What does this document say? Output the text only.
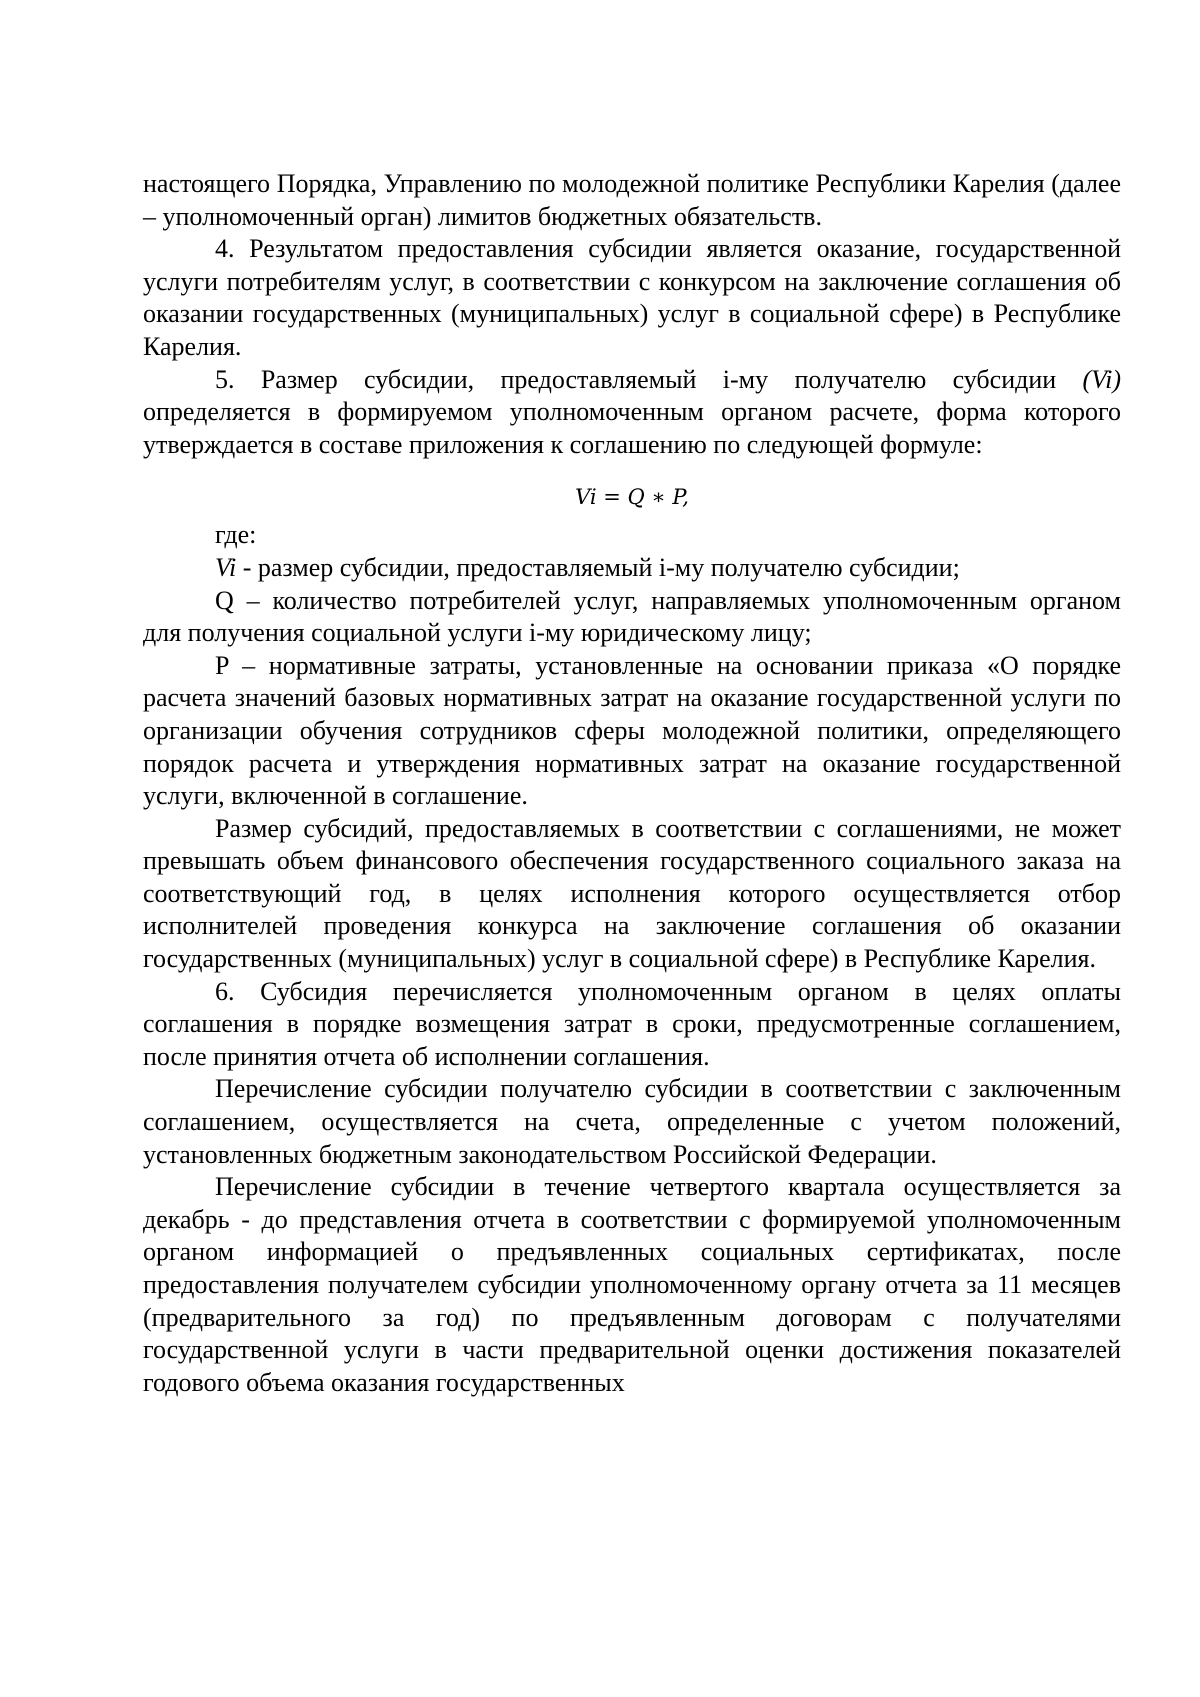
настоящего Порядка, Управлению по молодежной политике Республики Карелия (далее – уполномоченный орган) лимитов бюджетных обязательств.

4. Результатом предоставления субсидии является оказание, государственной услуги потребителям услуг, в соответствии с конкурсом на заключение соглашения об оказании государственных (муниципальных) услуг в социальной сфере) в Республике Карелия.

5. Размер субсидии, предоставляемый i-му получателю субсидии (Vi) определяется в формируемом уполномоченным органом расчете, форма которого утверждается в составе приложения к соглашению по следующей формуле:

Vi = Q ∗ P,

где:

Vi - размер субсидии, предоставляемый i-му получателю субсидии;

Q – количество потребителей услуг, направляемых уполномоченным органом для получения социальной услуги i-му юридическому лицу;

P – нормативные затраты, установленные на основании приказа «О порядке расчета значений базовых нормативных затрат на оказание государственной услуги по организации обучения сотрудников сферы молодежной политики, определяющего порядок расчета и утверждения нормативных затрат на оказание государственной услуги, включенной в соглашение.

Размер субсидий, предоставляемых в соответствии с соглашениями, не может превышать объем финансового обеспечения государственного социального заказа на соответствующий год, в целях исполнения которого осуществляется отбор исполнителей проведения конкурса на заключение соглашения об оказании государственных (муниципальных) услуг в социальной сфере) в Республике Карелия.

6. Субсидия перечисляется уполномоченным органом в целях оплаты соглашения в порядке возмещения затрат в сроки, предусмотренные соглашением, после принятия отчета об исполнении соглашения.

Перечисление субсидии получателю субсидии в соответствии с заключенным соглашением, осуществляется на счета, определенные с учетом положений, установленных бюджетным законодательством Российской Федерации.

Перечисление субсидии в течение четвертого квартала осуществляется за декабрь - до представления отчета в соответствии с формируемой уполномоченным органом информацией о предъявленных социальных сертификатах, после предоставления получателем субсидии уполномоченному органу отчета за 11 месяцев (предварительного за год) по предъявленным договорам с получателями государственной услуги в части предварительной оценки достижения показателей годового объема оказания государственных
